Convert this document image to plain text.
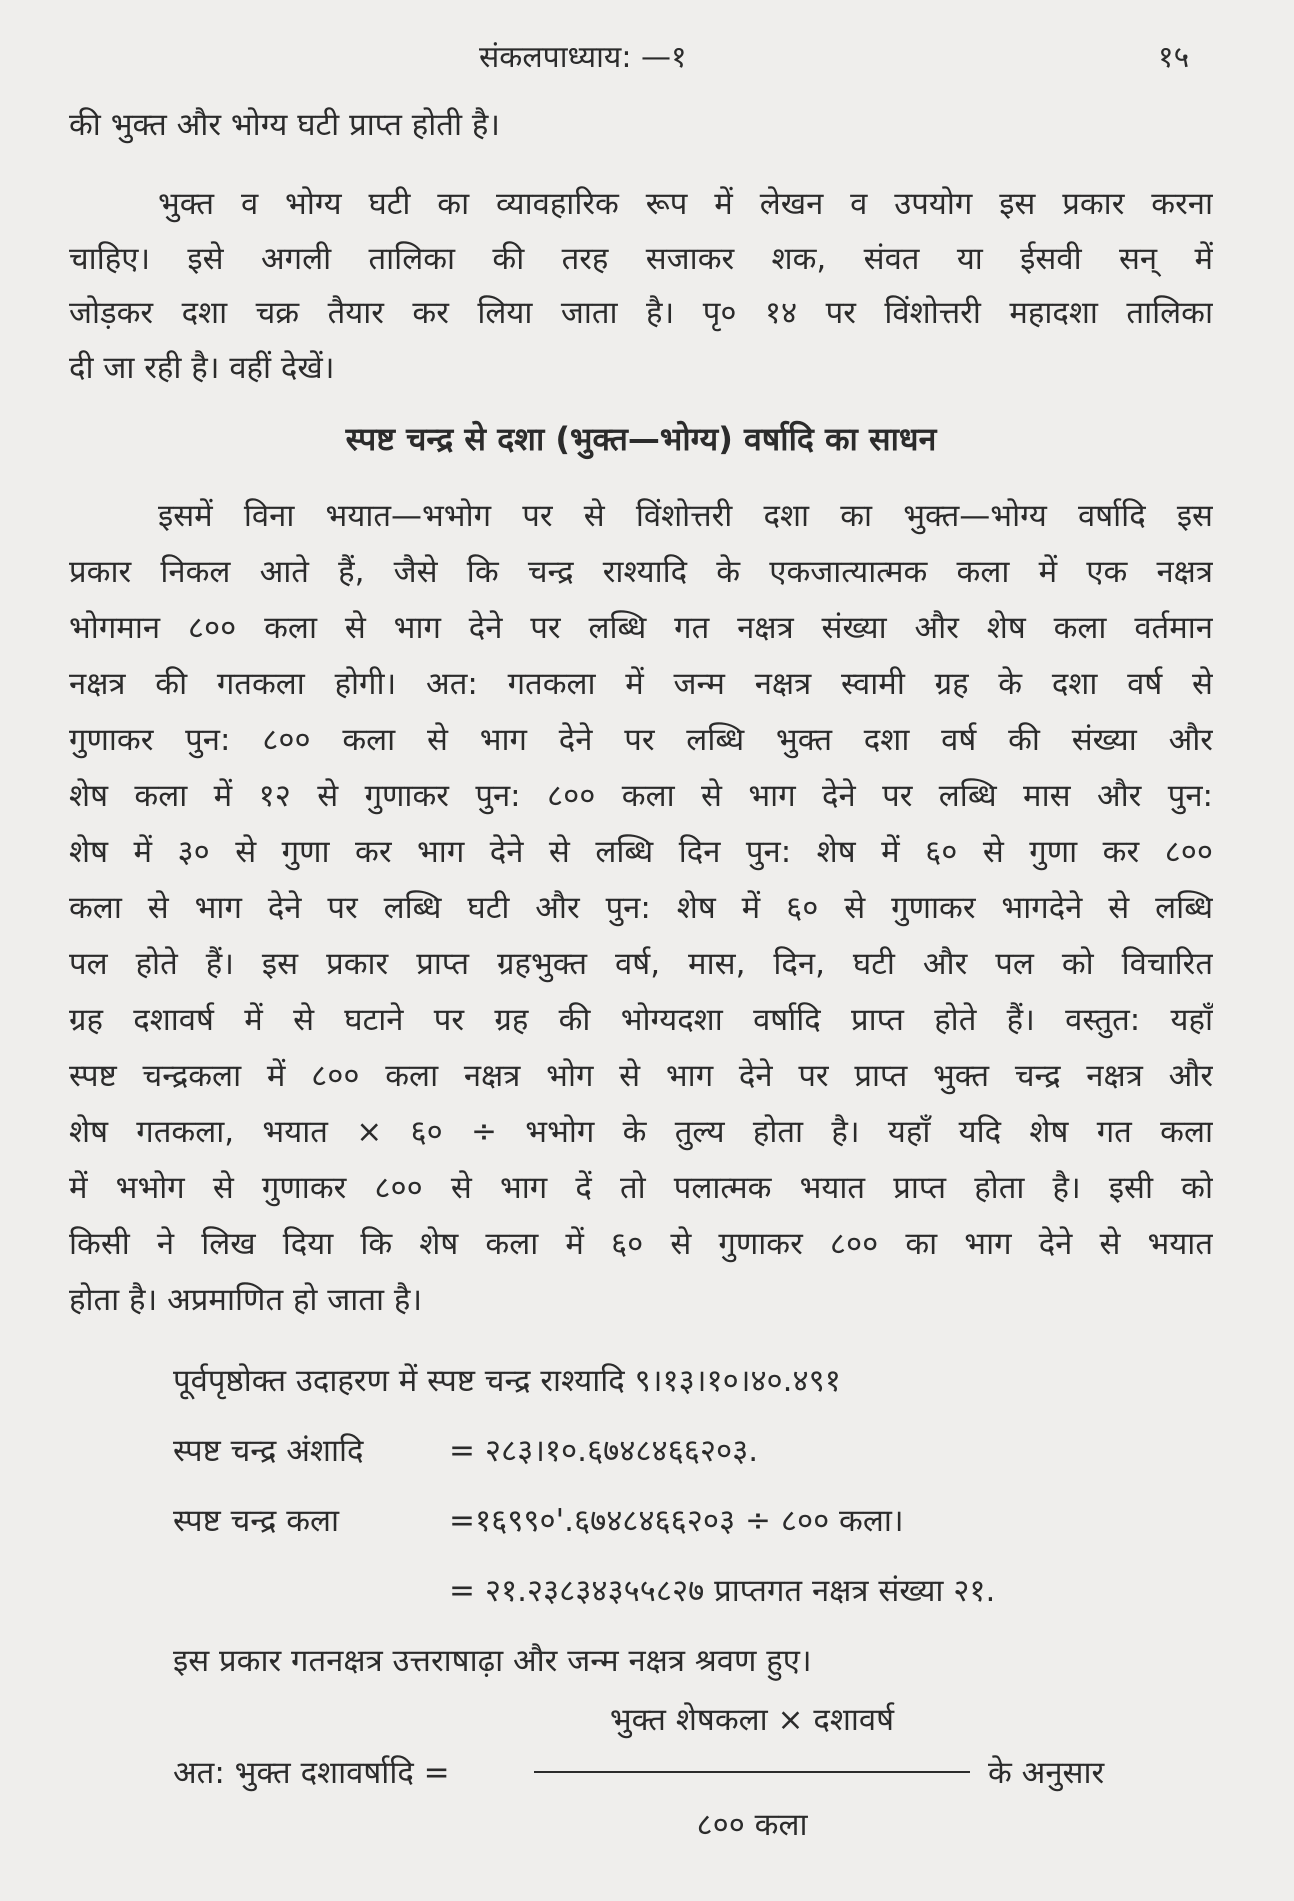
संकलपाध्याय: —१	१५
की भुक्त और भोग्य घटी प्राप्त होती है।
भुक्त व भोग्य घटी का व्यावहारिक रूप में लेखन व उपयोग इस प्रकार करना
चाहिए। इसे अगली तालिका की तरह सजाकर शक, संवत या ईसवी सन् में
जोड़कर दशा चक्र तैयार कर लिया जाता है। पृ० १४ पर विंशोत्तरी महादशा तालिका
दी जा रही है। वहीं देखें।
स्पष्ट चन्द्र से दशा (भुक्त—भोग्य) वर्षादि का साधन
इसमें विना भयात—भभोग पर से विंशोत्तरी दशा का भुक्त—भोग्य वर्षादि इस
प्रकार निकल आते हैं, जैसे कि चन्द्र राश्यादि के एकजात्यात्मक कला में एक नक्षत्र
भोगमान ८०० कला से भाग देने पर लब्धि गत नक्षत्र संख्या और शेष कला वर्तमान
नक्षत्र की गतकला होगी। अत: गतकला में जन्म नक्षत्र स्वामी ग्रह के दशा वर्ष से
गुणाकर पुन: ८०० कला से भाग देने पर लब्धि भुक्त दशा वर्ष की संख्या और
शेष कला में १२ से गुणाकर पुन: ८०० कला से भाग देने पर लब्धि मास और पुन:
शेष में ३० से गुणा कर भाग देने से लब्धि दिन पुन: शेष में ६० से गुणा कर ८००
कला से भाग देने पर लब्धि घटी और पुन: शेष में ६० से गुणाकर भागदेने से लब्धि
पल होते हैं। इस प्रकार प्राप्त ग्रहभुक्त वर्ष, मास, दिन, घटी और पल को विचारित
ग्रह दशावर्ष में से घटाने पर ग्रह की भोग्यदशा वर्षादि प्राप्त होते हैं। वस्तुत: यहाँ
स्पष्ट चन्द्रकला में ८०० कला नक्षत्र भोग से भाग देने पर प्राप्त भुक्त चन्द्र नक्षत्र और
शेष गतकला, भयात × ६० ÷ भभोग के तुल्य होता है। यहाँ यदि शेष गत कला
में भभोग से गुणाकर ८०० से भाग दें तो पलात्मक भयात प्राप्त होता है। इसी को
किसी ने लिख दिया कि शेष कला में ६० से गुणाकर ८०० का भाग देने से भयात
होता है। अप्रमाणित हो जाता है।
पूर्वपृष्ठोक्त उदाहरण में स्पष्ट चन्द्र राश्यादि ९।१३।१०।४०.४९१
स्पष्ट चन्द्र अंशादि	= २८३।१०.६७४८४६६२०३.
स्पष्ट चन्द्र कला	=१६९९०'.६७४८४६६२०३ ÷ ८०० कला।
= २१.२३८३४३५५८२७ प्राप्तगत नक्षत्र संख्या २१.
इस प्रकार गतनक्षत्र उत्तराषाढ़ा और जन्म नक्षत्र श्रवण हुए।
भुक्त शेषकला × दशावर्ष
अत: भुक्त दशावर्षादि =	के अनुसार
८०० कला
